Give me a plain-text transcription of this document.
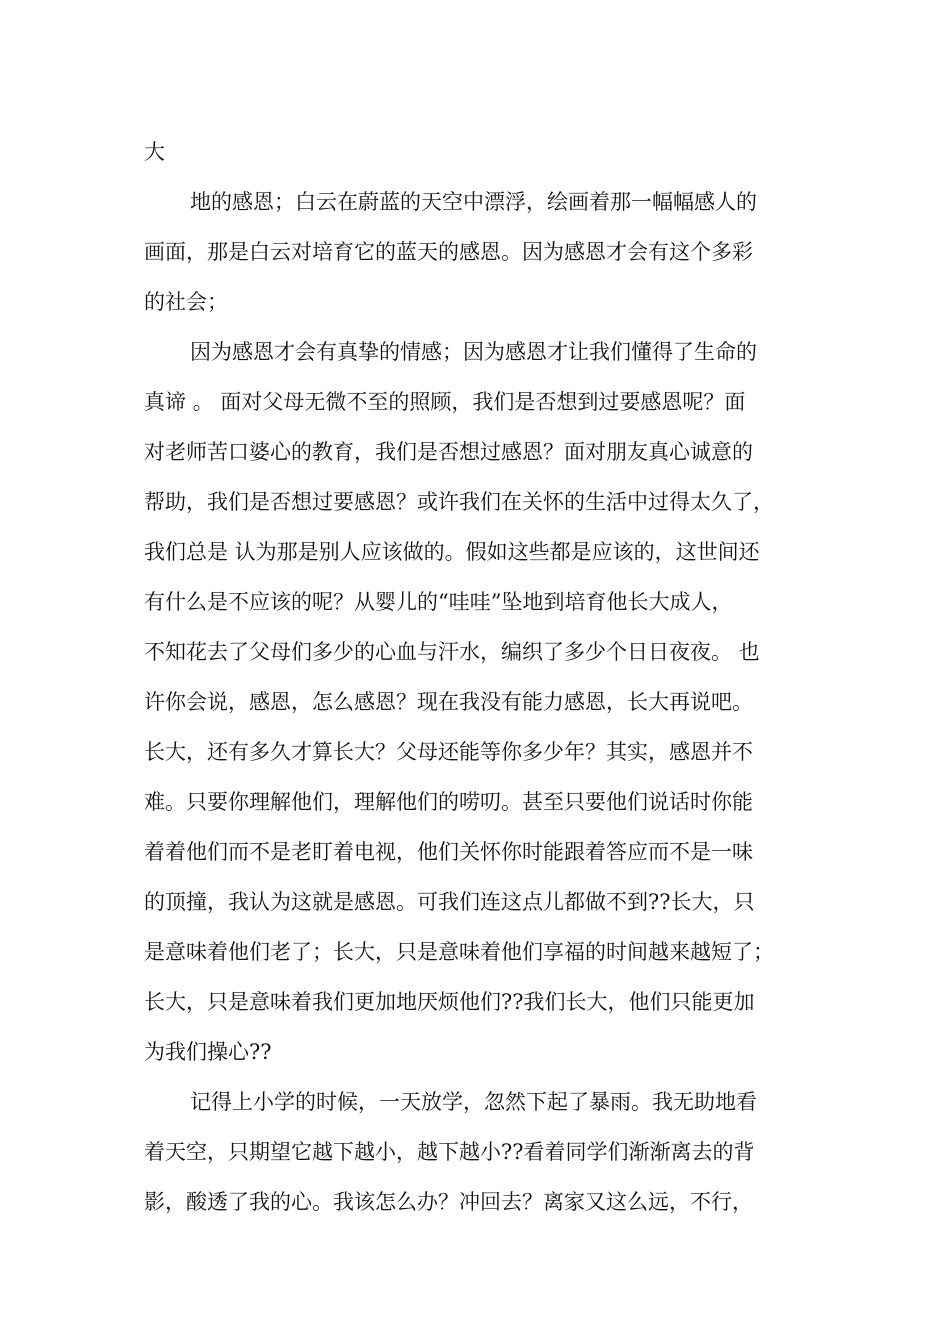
大
地的感恩；白云在蔚蓝的天空中漂浮，绘画着那一幅幅感人的
画面，那是白云对培育它的蓝天的感恩。因为感恩才会有这个多彩
的社会；
因为感恩才会有真挚的情感；因为感恩才让我们懂得了生命的
真谛 。 面对父母无微不至的照顾，我们是否想到过要感恩呢？面
对老师苦口婆心的教育，我们是否想过感恩？面对朋友真心诚意的
帮助，我们是否想过要感恩？或许我们在关怀的生活中过得太久了，
我们总是 认为那是别人应该做的。假如这些都是应该的，这世间还
有什么是不应该的呢？从婴儿的“哇哇”坠地到培育他长大成人，
不知花去了父母们多少的心血与汗水，编织了多少个日日夜夜。 也
许你会说，感恩，怎么感恩？现在我没有能力感恩，长大再说吧。
长大，还有多久才算长大？父母还能等你多少年？其实，感恩并不
难。只要你理解他们，理解他们的唠叨。甚至只要他们说话时你能
着着他们而不是老盯着电视，他们关怀你时能跟着答应而不是一味
的顶撞，我认为这就是感恩。可我们连这点儿都做不到??长大，只
是意味着他们老了；长大，只是意味着他们享福的时间越来越短了；
长大，只是意味着我们更加地厌烦他们??我们长大，他们只能更加
为我们操心??
记得上小学的时候，一天放学，忽然下起了暴雨。我无助地看
着天空，只期望它越下越小，越下越小??看着同学们渐渐离去的背
影，酸透了我的心。我该怎么办？冲回去？离家又这么远，不行，
